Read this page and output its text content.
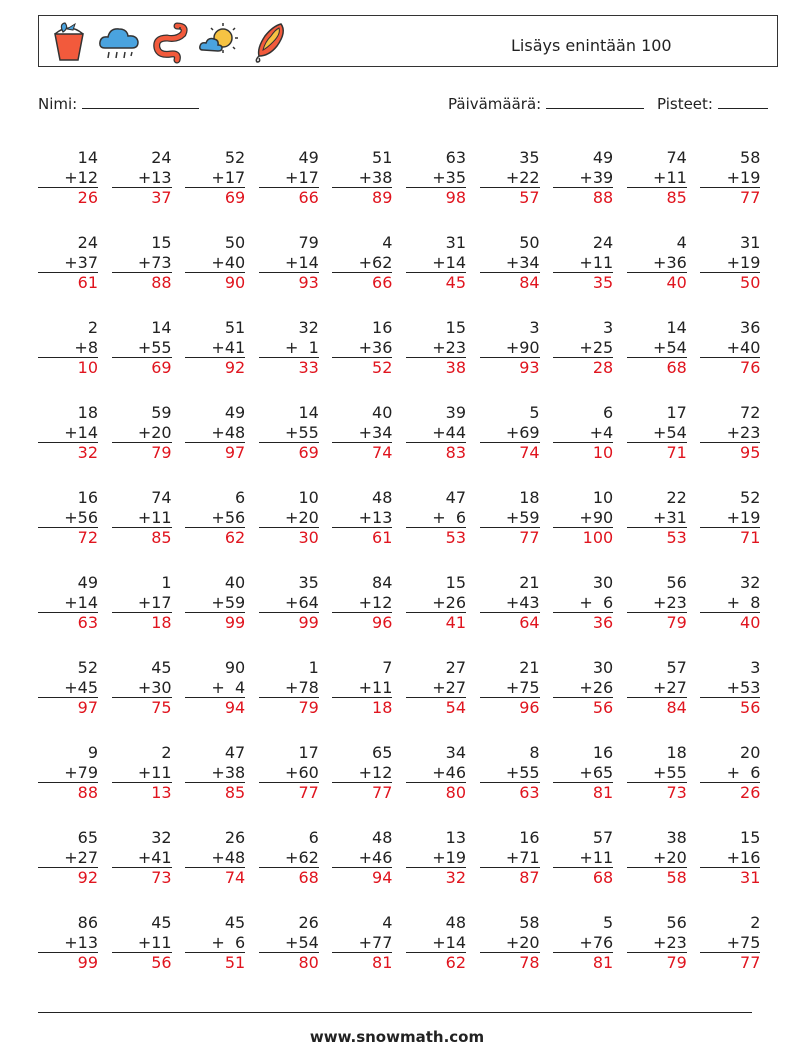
Lisäys enintään 100
Nimi:	Päivämäärä:	Pisteet:
14
+12
26
24
+13
37
52
+17
69
49
+17
66
51
+38
89
63
+35
98
35
+22
57
49
+39
88
74
+11
85
58
+19
77
24
+37
61
15
+73
88
50
+40
90
79
+14
93
4
+62
66
31
+14
45
50
+34
84
24
+11
35
4
+36
40
31
+19
50
2
+8
10
14
+55
69
51
+41
92
32
+  1
33
16
+36
52
15
+23
38
3
+90
93
3
+25
28
14
+54
68
36
+40
76
18
+14
32
59
+20
79
49
+48
97
14
+55
69
40
+34
74
39
+44
83
5
+69
74
6
+4
10
17
+54
71
72
+23
95
16
+56
72
74
+11
85
6
+56
62
10
+20
30
48
+13
61
47
+  6
53
18
+59
77
10
+90
100
22
+31
53
52
+19
71
49
+14
63
1
+17
18
40
+59
99
35
+64
99
84
+12
96
15
+26
41
21
+43
64
30
+  6
36
56
+23
79
32
+  8
40
52
+45
97
45
+30
75
90
+  4
94
1
+78
79
7
+11
18
27
+27
54
21
+75
96
30
+26
56
57
+27
84
3
+53
56
9
+79
88
2
+11
13
47
+38
85
17
+60
77
65
+12
77
34
+46
80
8
+55
63
16
+65
81
18
+55
73
20
+  6
26
65
+27
92
32
+41
73
26
+48
74
6
+62
68
48
+46
94
13
+19
32
16
+71
87
57
+11
68
38
+20
58
15
+16
31
86
+13
99
45
+11
56
45
+  6
51
26
+54
80
4
+77
81
48
+14
62
58
+20
78
5
+76
81
56
+23
79
2
+75
77
www.snowmath.com
